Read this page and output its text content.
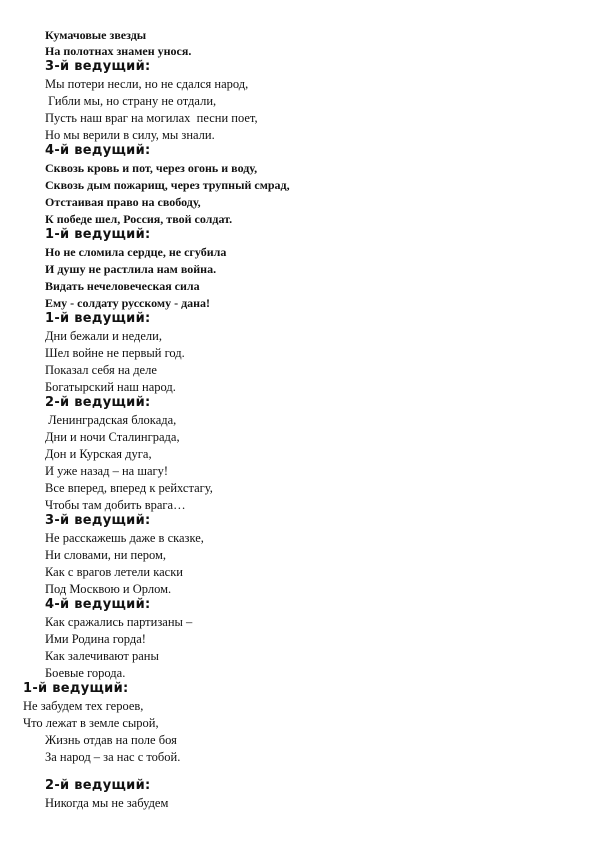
Кумачовые звезды
На полотнах знамен унося.
3-й ведущий:
Мы потери несли, но не сдался народ,
Гибли мы, но страну не отдали,
Пусть наш враг на могилах  песни поет,
Но мы верили в силу, мы знали.
4-й ведущий:
Сквозь кровь и пот, через огонь и воду,
Сквозь дым пожарищ, через трупный смрад,
Отстаивая право на свободу,
К победе шел, Россия, твой солдат.
1-й ведущий:
Но не сломила сердце, не сгубила
И душу не растлила нам война.
Видать нечеловеческая сила
Ему - солдату русскому - дана!
1-й ведущий:
Дни бежали и недели,
Шел войне не первый год.
Показал себя на деле
Богатырский наш народ.
2-й ведущий:
Ленинградская блокада,
Дни и ночи Сталинграда,
Дон и Курская дуга,
И уже назад – на шагу!
Все вперед, вперед к рейхстагу,
Чтобы там добить врага…
3-й ведущий:
Не расскажешь даже в сказке,
Ни словами, ни пером,
Как с врагов летели каски
Под Москвою и Орлом.
4-й ведущий:
Как сражались партизаны –
Ими Родина горда!
Как залечивают раны
Боевые города.
1-й ведущий:
Не забудем тех героев,
Что лежат в земле сырой,
Жизнь отдав на поле боя
За народ – за нас с тобой.
2-й ведущий:
Никогда мы не забудем
